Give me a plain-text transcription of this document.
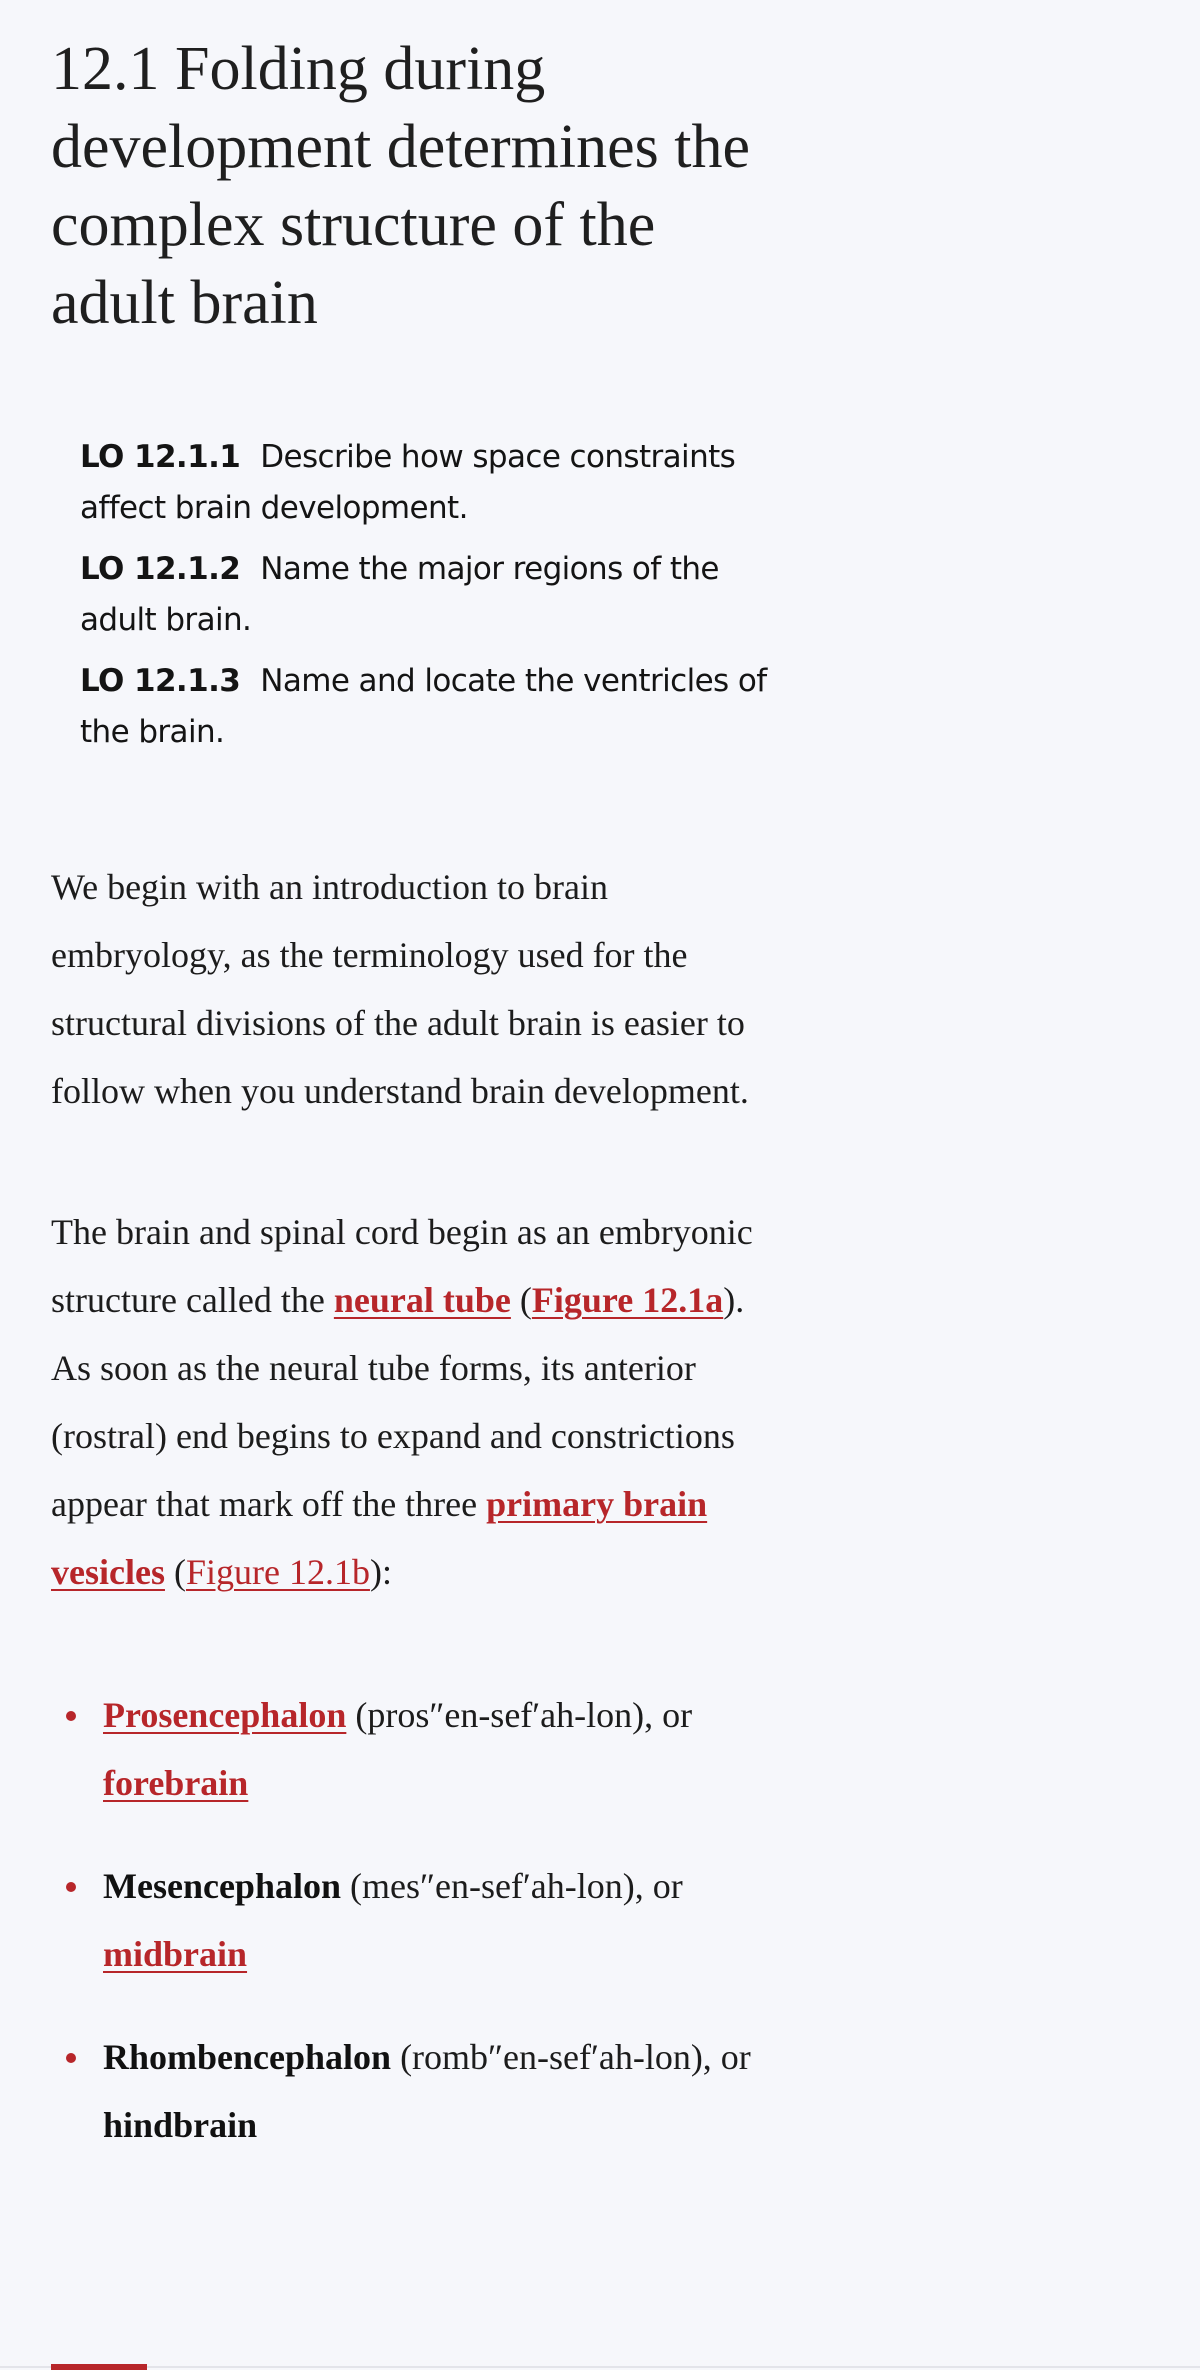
12.1 Folding during development determines the complex structure of the adult brain

LO 12.1.1 Describe how space constraints affect brain development.

LO 12.1.2 Name the major regions of the adult brain.

LO 12.1.3 Name and locate the ventricles of the brain.

We begin with an introduction to brain embryology, as the terminology used for the structural divisions of the adult brain is easier to follow when you understand brain development.

The brain and spinal cord begin as an embryonic structure called the neural tube (Figure 12.1a). As soon as the neural tube forms, its anterior (rostral) end begins to expand and constrictions appear that mark off the three primary brain vesicles (Figure 12.1b):

Prosencephalon (pros″en-sef′ah-lon), or forebrain
Mesencephalon (mes″en-sef′ah-lon), or midbrain
Rhombencephalon (romb″en-sef′ah-lon), or hindbrain
